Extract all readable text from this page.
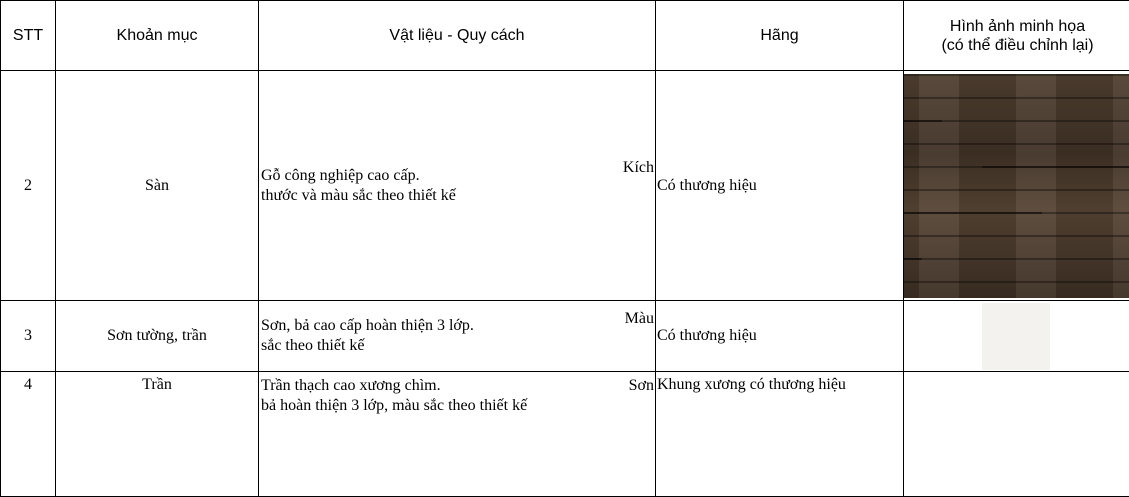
STT	Khoản mục	Vật liệu - Quy cách	Hãng	Hình ảnh minh họa
(có thể điều chỉnh lại)
2	Sàn	Gỗ công nghiệp cao cấp. Kích
thước và màu sắc theo thiết kế	Có thương hiệu	

3	Sơn tường, trần	Sơn, bả cao cấp hoàn thiện 3 lớp. Màu
sắc theo thiết kế	Có thương hiệu	

4	Trần	Trần thạch cao xương chìm. Sơn
bả hoàn thiện 3 lớp, màu sắc theo thiết kế	Khung xương có thương hiệu	
